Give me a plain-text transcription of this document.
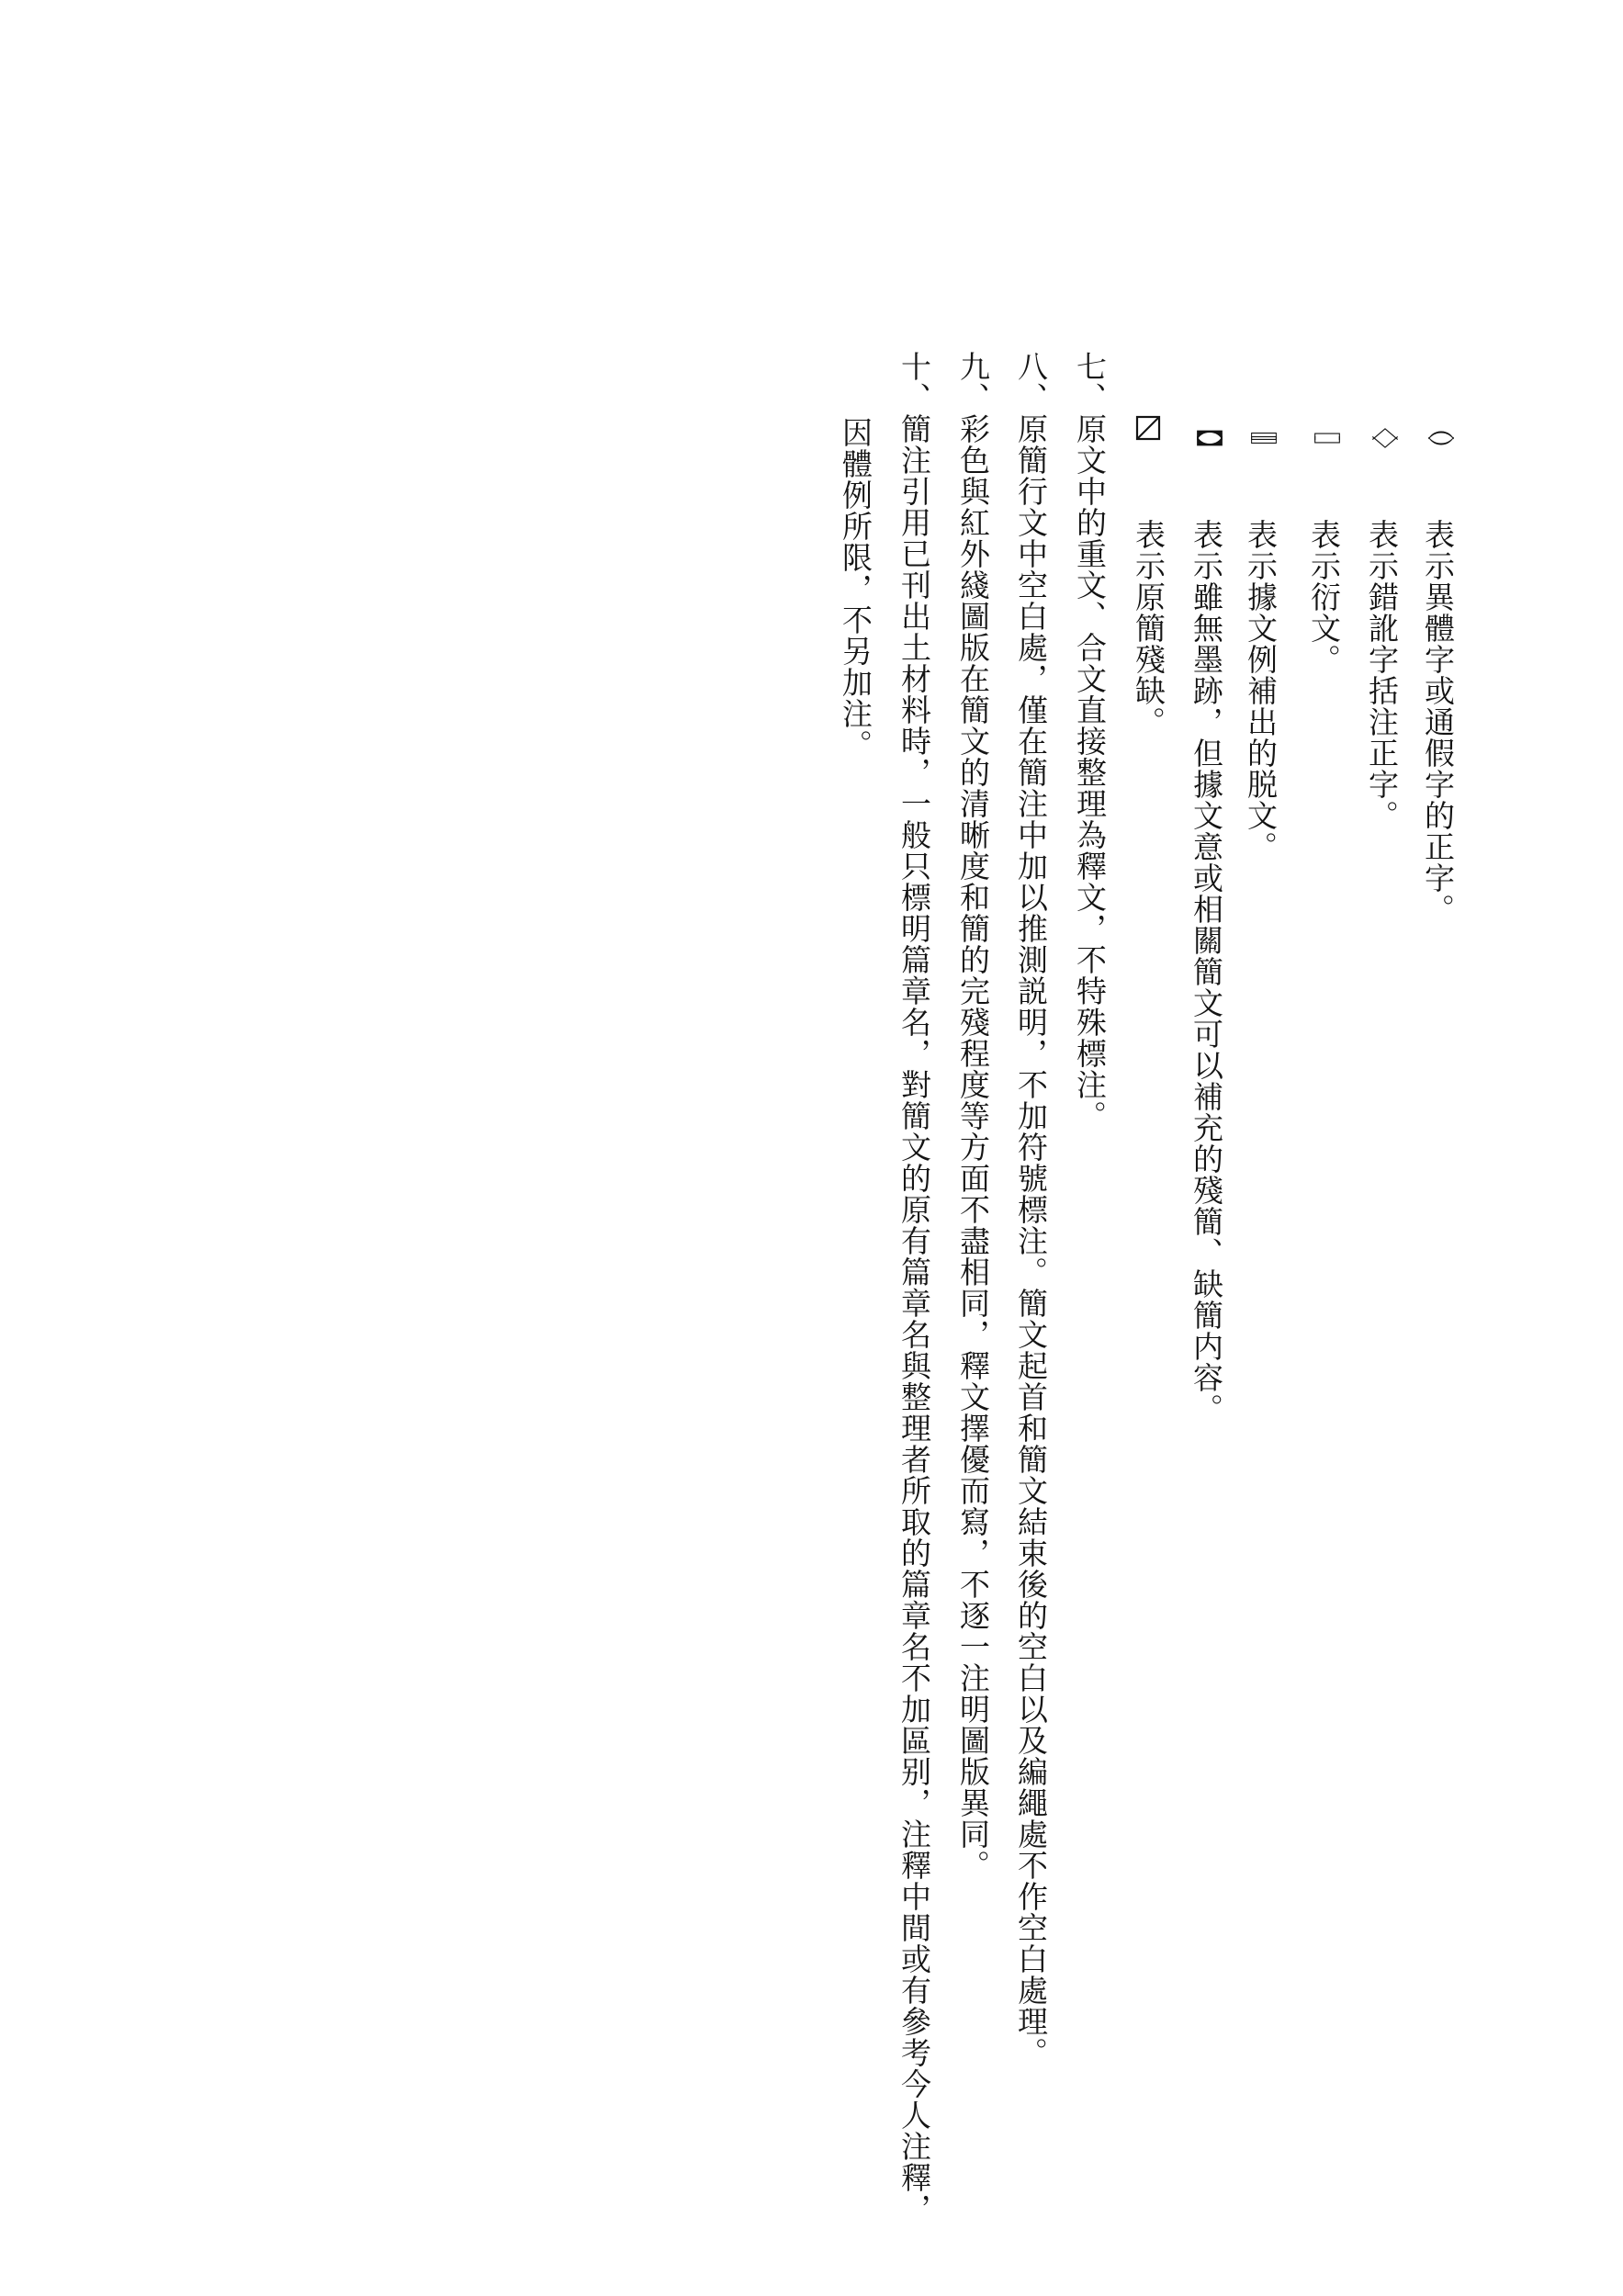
（）
表示異體字或通假字的正字。
〈〉
表示錯訛字括注正字。
［］
表示衍文。
〚〛
表示據文例補出的脱文。
【】
表示雖無墨跡，但據文意或相關簡文可以補充的殘簡、缺簡内容。
表示原簡殘缺。
七、原文中的重文、合文直接整理為釋文，不特殊標注。
八、原簡行文中空白處，僅在簡注中加以推測説明，不加符號標注。簡文起首和簡文結束後的空白以及編繩處不作空白處理。
九、彩色與紅外綫圖版在簡文的清晰度和簡的完殘程度等方面不盡相同，釋文擇優而寫，不逐一注明圖版異同。
十、簡注引用已刊出土材料時，一般只標明篇章名，對簡文的原有篇章名與整理者所取的篇章名不加區别，注釋中間或有參考今人注釋，
因體例所限，不另加注。
